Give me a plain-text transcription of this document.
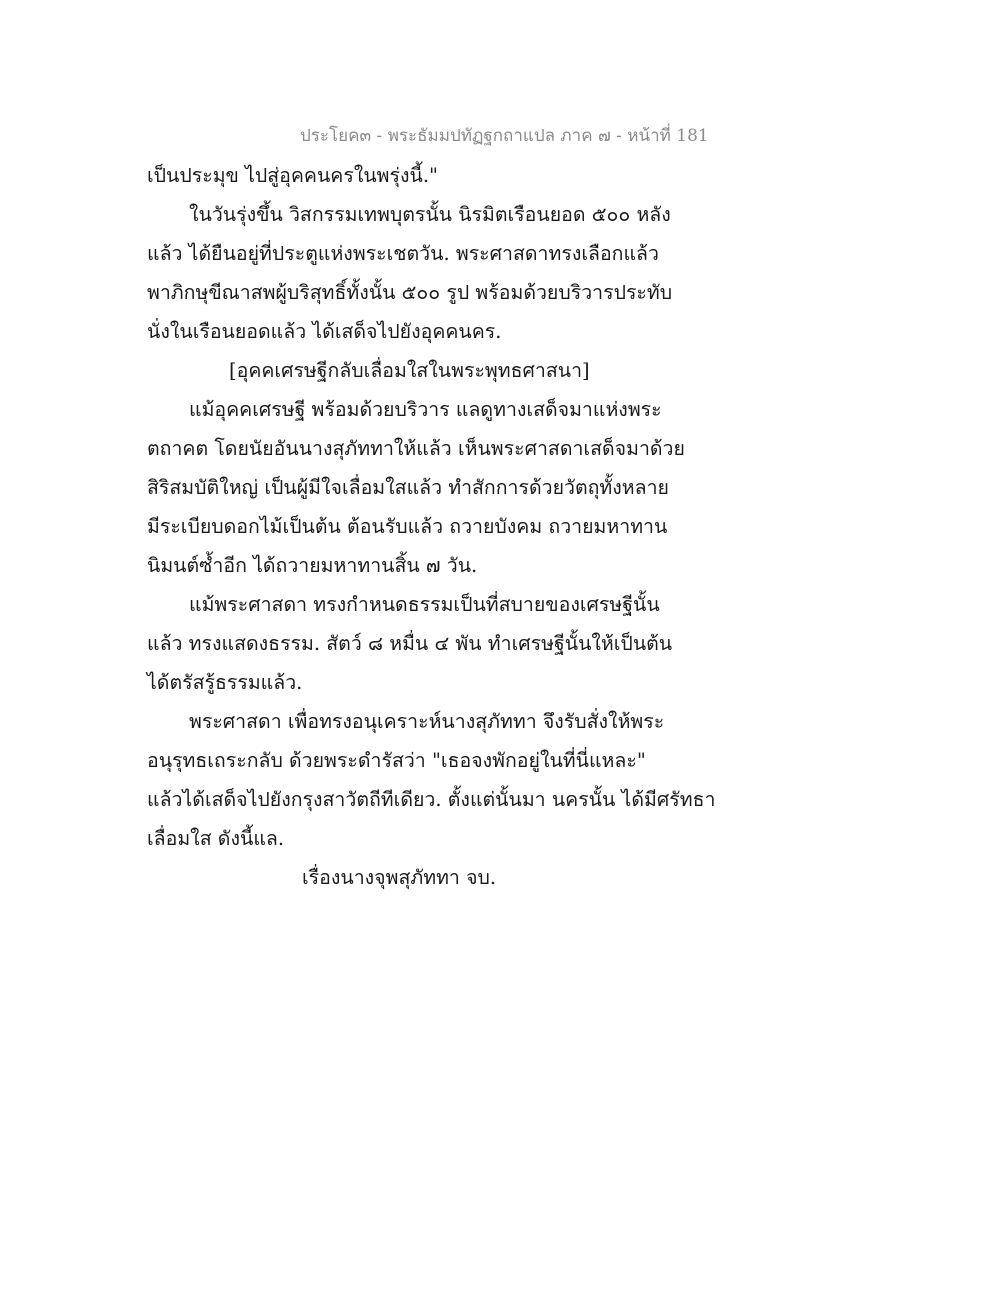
ประโยค๓ - พระธัมมปทัฏฐกถาแปล ภาค ๗ - หน้าที่ 181
เป็นประมุข ไปสู่อุคคนครในพรุ่งนี้."
ในวันรุ่งขึ้น วิสกรรมเทพบุตรนั้น นิรมิตเรือนยอด ๕๐๐ หลัง
แล้ว ได้ยืนอยู่ที่ประตูแห่งพระเชตวัน. พระศาสดาทรงเลือกแล้ว
พาภิกษุขีณาสพผู้บริสุทธิ์ทั้งนั้น ๕๐๐ รูป พร้อมด้วยบริวารประทับ
นั่งในเรือนยอดแล้ว ได้เสด็จไปยังอุคคนคร.
[อุคคเศรษฐีกลับเลื่อมใสในพระพุทธศาสนา]
แม้อุคคเศรษฐี พร้อมด้วยบริวาร แลดูทางเสด็จมาแห่งพระ
ตถาคต โดยนัยอันนางสุภัททาให้แล้ว เห็นพระศาสดาเสด็จมาด้วย
สิริสมบัติใหญ่ เป็นผู้มีใจเลื่อมใสแล้ว ทำสักการด้วยวัตถุทั้งหลาย
มีระเบียบดอกไม้เป็นต้น ต้อนรับแล้ว ถวายบังคม ถวายมหาทาน
นิมนต์ซ้ำอีก ได้ถวายมหาทานสิ้น ๗ วัน.
แม้พระศาสดา ทรงกำหนดธรรมเป็นที่สบายของเศรษฐีนั้น
แล้ว ทรงแสดงธรรม. สัตว์ ๘ หมื่น ๔ พัน ทำเศรษฐีนั้นให้เป็นต้น
ได้ตรัสรู้ธรรมแล้ว.
พระศาสดา เพื่อทรงอนุเคราะห์นางสุภัททา จึงรับสั่งให้พระ
อนุรุทธเถระกลับ ด้วยพระดำรัสว่า "เธอจงพักอยู่ในที่นี่แหละ"
แล้วได้เสด็จไปยังกรุงสาวัตถีทีเดียว. ตั้งแต่นั้นมา นครนั้น ได้มีศรัทธา
เลื่อมใส ดังนี้แล.
เรื่องนางจุพสุภัททา จบ.
